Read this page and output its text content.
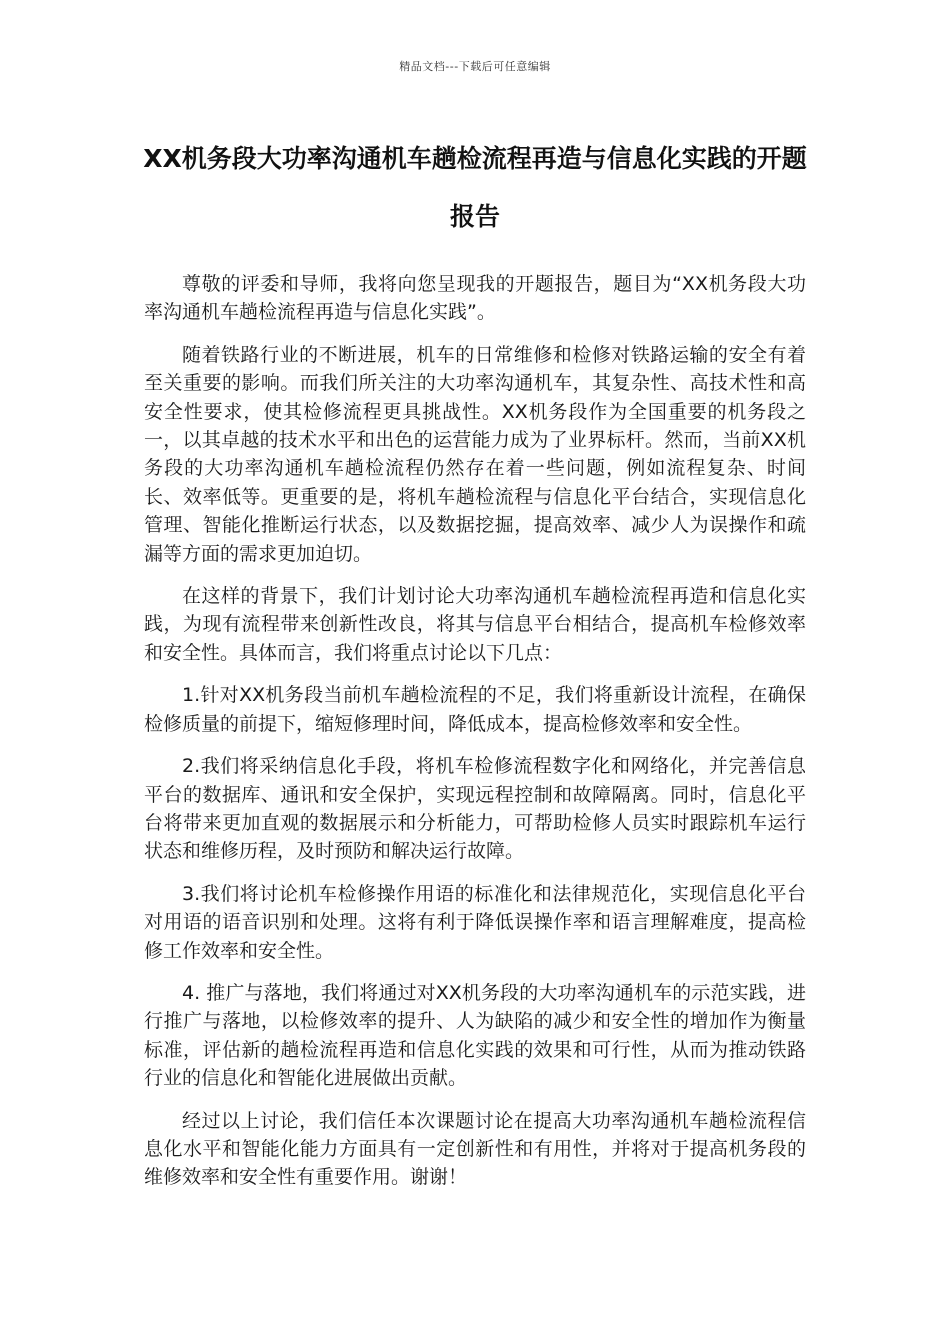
精品文档---下载后可任意编辑
XX机务段大功率沟通机车趟检流程再造与信息化实践的开题报告

尊敬的评委和导师，我将向您呈现我的开题报告，题目为“XX机务段大功率沟通机车趟检流程再造与信息化实践”。

随着铁路行业的不断进展，机车的日常维修和检修对铁路运输的安全有着至关重要的影响。而我们所关注的大功率沟通机车，其复杂性、高技术性和高安全性要求，使其检修流程更具挑战性。XX机务段作为全国重要的机务段之一，以其卓越的技术水平和出色的运营能力成为了业界标杆。然而，当前XX机务段的大功率沟通机车趟检流程仍然存在着一些问题，例如流程复杂、时间长、效率低等。更重要的是，将机车趟检流程与信息化平台结合，实现信息化管理、智能化推断运行状态，以及数据挖掘，提高效率、减少人为误操作和疏漏等方面的需求更加迫切。

在这样的背景下，我们计划讨论大功率沟通机车趟检流程再造和信息化实践，为现有流程带来创新性改良，将其与信息平台相结合，提高机车检修效率和安全性。具体而言，我们将重点讨论以下几点：

1.针对XX机务段当前机车趟检流程的不足，我们将重新设计流程，在确保检修质量的前提下，缩短修理时间，降低成本，提高检修效率和安全性。

2.我们将采纳信息化手段，将机车检修流程数字化和网络化，并完善信息平台的数据库、通讯和安全保护，实现远程控制和故障隔离。同时，信息化平台将带来更加直观的数据展示和分析能力，可帮助检修人员实时跟踪机车运行状态和维修历程，及时预防和解决运行故障。

3.我们将讨论机车检修操作用语的标准化和法律规范化，实现信息化平台对用语的语音识别和处理。这将有利于降低误操作率和语言理解难度，提高检修工作效率和安全性。

4. 推广与落地，我们将通过对XX机务段的大功率沟通机车的示范实践，进行推广与落地，以检修效率的提升、人为缺陷的减少和安全性的增加作为衡量标准，评估新的趟检流程再造和信息化实践的效果和可行性，从而为推动铁路行业的信息化和智能化进展做出贡献。

经过以上讨论，我们信任本次课题讨论在提高大功率沟通机车趟检流程信息化水平和智能化能力方面具有一定创新性和有用性，并将对于提高机务段的维修效率和安全性有重要作用。谢谢！
